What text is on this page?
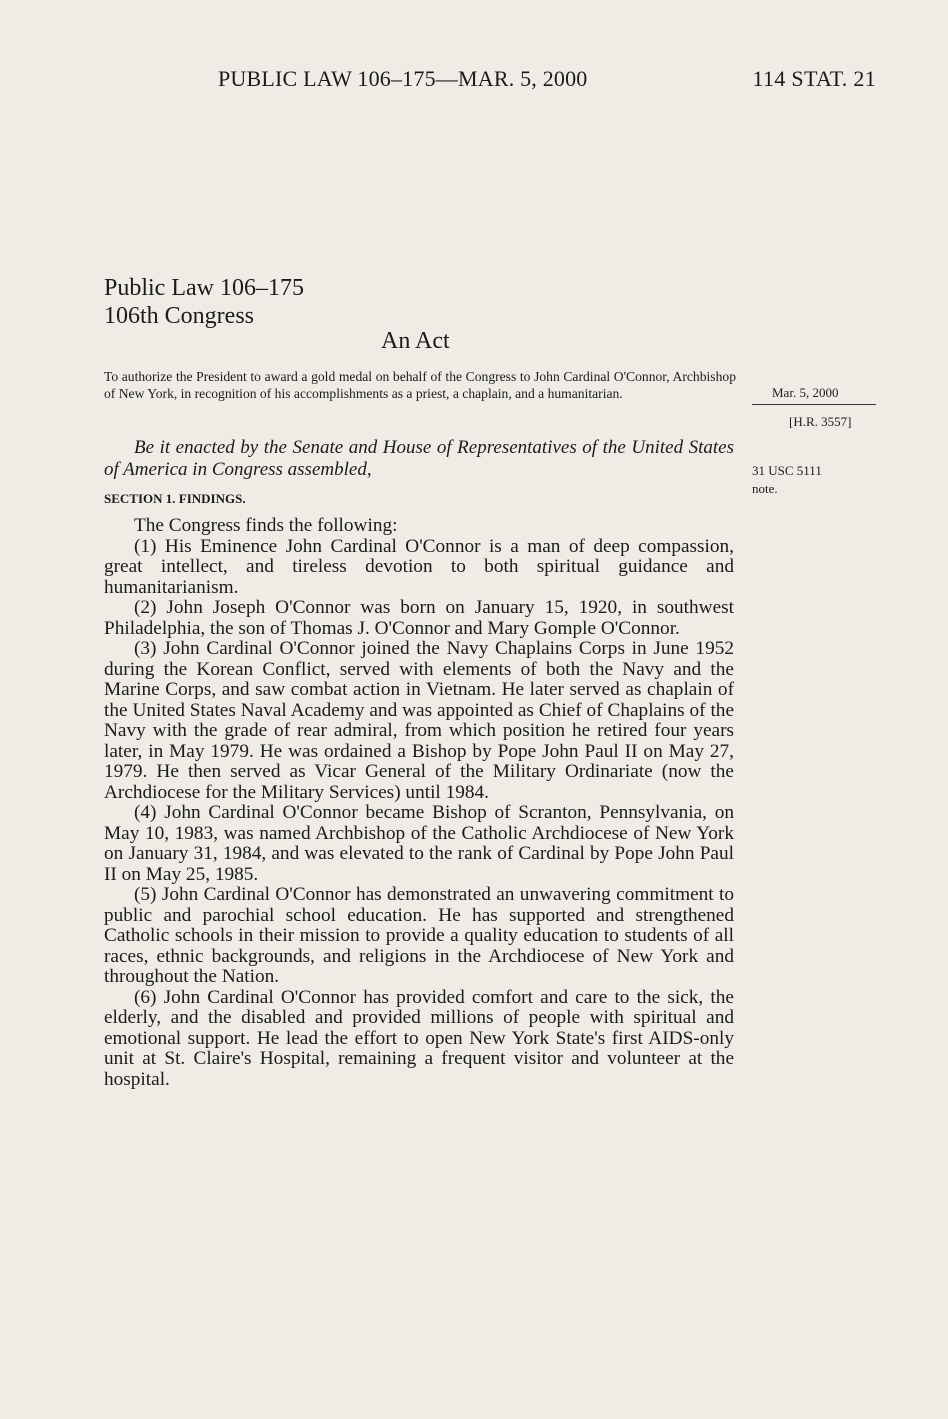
PUBLIC LAW 106–175—MAR. 5, 2000	114 STAT. 21
Public Law 106–175
106th Congress
An Act
To authorize the President to award a gold medal on behalf of the Congress to John Cardinal O'Connor, Archbishop of New York, in recognition of his accomplishments as a priest, a chaplain, and a humanitarian.	Mar. 5, 2000
[H.R. 3557]
31 USC 5111
note.
Be it enacted by the Senate and House of Representatives of the United States of America in Congress assembled,
SECTION 1. FINDINGS.

The Congress finds the following:

(1) His Eminence John Cardinal O'Connor is a man of deep compassion, great intellect, and tireless devotion to both spiritual guidance and humanitarianism.

(2) John Joseph O'Connor was born on January 15, 1920, in southwest Philadelphia, the son of Thomas J. O'Connor and Mary Gomple O'Connor.

(3) John Cardinal O'Connor joined the Navy Chaplains Corps in June 1952 during the Korean Conflict, served with elements of both the Navy and the Marine Corps, and saw combat action in Vietnam. He later served as chaplain of the United States Naval Academy and was appointed as Chief of Chaplains of the Navy with the grade of rear admiral, from which position he retired four years later, in May 1979. He was ordained a Bishop by Pope John Paul II on May 27, 1979. He then served as Vicar General of the Military Ordinariate (now the Archdiocese for the Military Services) until 1984.

(4) John Cardinal O'Connor became Bishop of Scranton, Pennsylvania, on May 10, 1983, was named Archbishop of the Catholic Archdiocese of New York on January 31, 1984, and was elevated to the rank of Cardinal by Pope John Paul II on May 25, 1985.

(5) John Cardinal O'Connor has demonstrated an unwavering commitment to public and parochial school education. He has supported and strengthened Catholic schools in their mission to provide a quality education to students of all races, ethnic backgrounds, and religions in the Archdiocese of New York and throughout the Nation.

(6) John Cardinal O'Connor has provided comfort and care to the sick, the elderly, and the disabled and provided millions of people with spiritual and emotional support. He lead the effort to open New York State's first AIDS-only unit at St. Claire's Hospital, remaining a frequent visitor and volunteer at the hospital.
